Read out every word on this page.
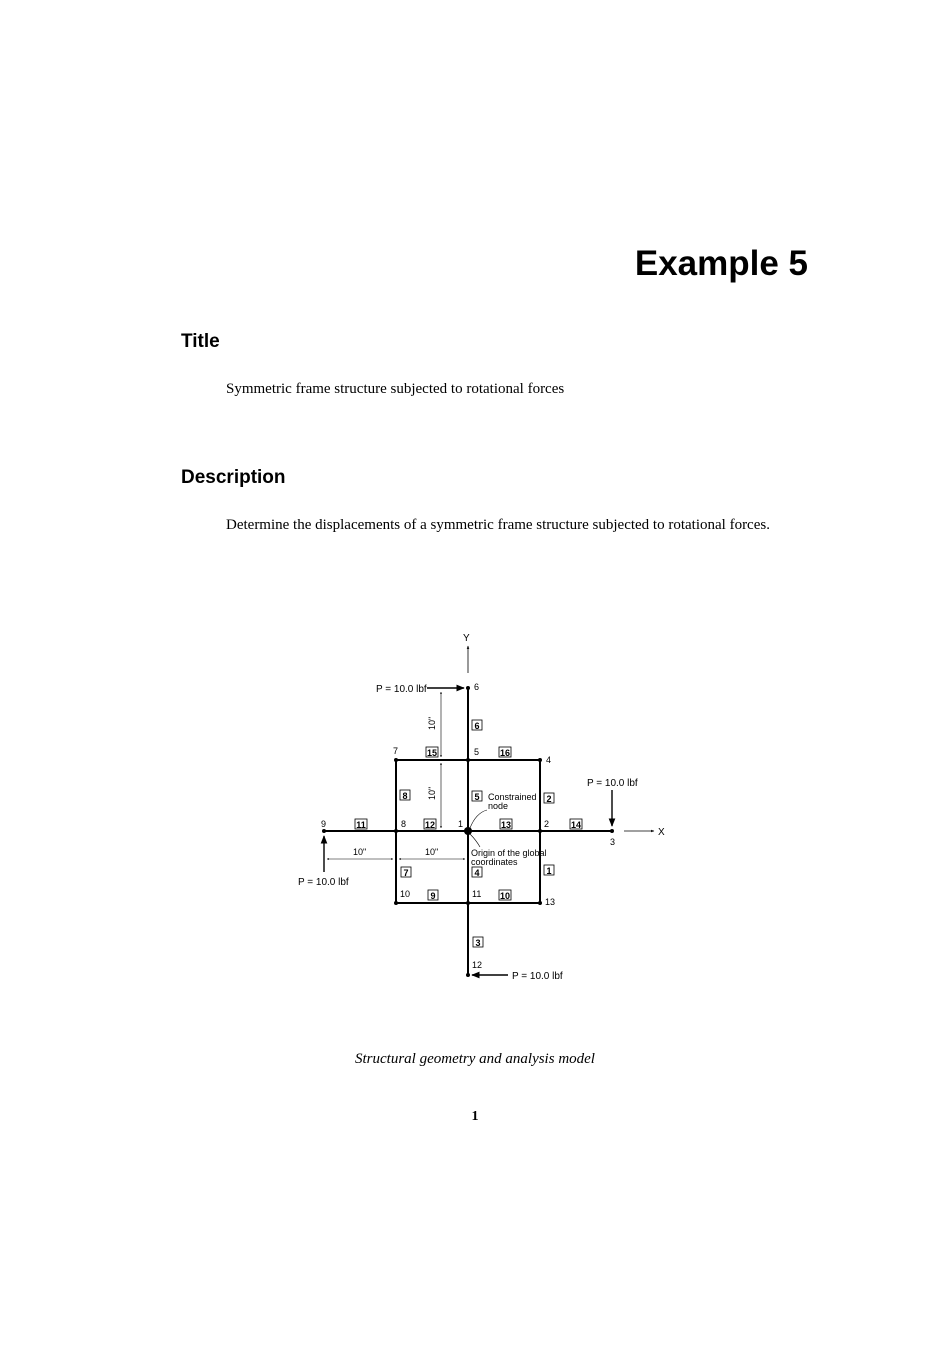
Example 5
Title

Symmetric frame structure subjected to rotational forces

Description

Determine the displacements of a symmetric frame structure subjected to rotational forces.

Y
X
1	2
3
4
5
6
7
8
9
10	11
12
13
1
2
3
4
5
6
7
8
9	10
11	12	13	14
15	16
P = 10.0 lbf
P = 10.0 lbf
P = 10.0 lbf
P = 10.0 lbf
10"
10"
10"	10"
Constrained
node
Origin of the global
coordinates

Structural geometry and analysis model

1
